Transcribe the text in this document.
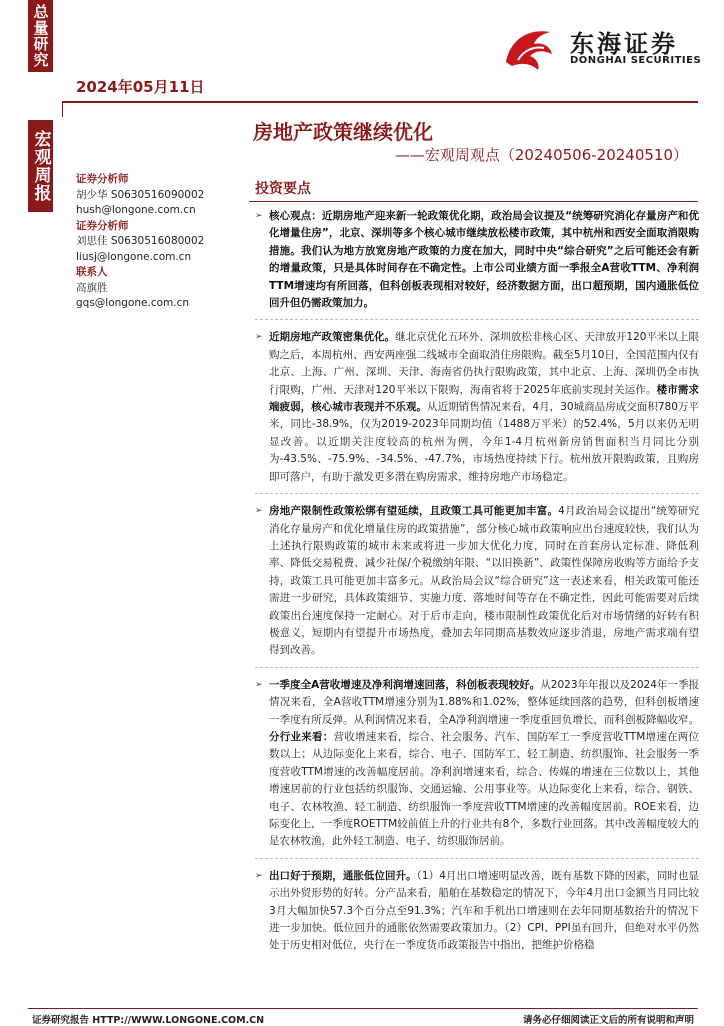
总量研究
宏观周报
2024年05月11日
东海证券
DONGHAI SECURITIES
房地产政策继续优化
——宏观周观点（20240506-20240510）
证券分析师
胡少华 S0630516090002
hush@longone.com.cn
证券分析师
刘思佳 S0630516080002
liusj@longone.com.cn
联系人
高旗胜
gqs@longone.com.cn
投资要点
➢ 核心观点：近期房地产迎来新一轮政策优化期，政治局会议提及“统筹研究消化存量房产和优化增量住房”，北京、深圳等多个核心城市继续放松楼市政策，其中杭州和西安全面取消限购措施。我们认为地方放宽房地产政策的力度在加大，同时中央“综合研究”之后可能还会有新的增量政策，只是具体时间存在不确定性。上市公司业绩方面一季报全A营收TTM、净利润TTM增速均有所回落，但科创板表现相对较好，经济数据方面，出口超预期，国内通胀低位回升但仍需政策加力。
➢ 近期房地产政策密集优化。继北京优化五环外、深圳放松非核心区、天津放开120平米以上限购之后，本周杭州、西安两座强二线城市全面取消住房限购。截至5月10日，全国范围内仅有北京、上海、广州、深圳、天津、海南省仍执行限购政策，其中北京、上海、深圳仍全市执行限购，广州、天津对120平米以下限购，海南省将于2025年底前实现封关运作。楼市需求端疲弱，核心城市表现并不乐观。从近期销售情况来看，4月，30城商品房成交面积780万平米，同比-38.9%，仅为2019-2023年同期均值（1488万平米）的52.4%，5月以来仍无明显改善。以近期关注度较高的杭州为例，今年1-4月杭州新房销售面积当月同比分别为-43.5%、-75.9%、-34.5%、-47.7%，市场热度持续下行。杭州放开限购政策，且购房即可落户，有助于激发更多潜在购房需求，维持房地产市场稳定。
➢ 房地产限制性政策松绑有望延续，且政策工具可能更加丰富。4月政治局会议提出“统筹研究消化存量房产和优化增量住房的政策措施”，部分核心城市政策响应出台速度较快，我们认为上述执行限购政策的城市未来或将进一步加大优化力度，同时在首套房认定标准、降低利率、降低交易税费、减少社保/个税缴纳年限、“以旧换新”、政策性保障房收购等方面给予支持，政策工具可能更加丰富多元。从政治局会议“综合研究”这一表述来看，相关政策可能还需进一步研究，具体政策细节、实施力度、落地时间等存在不确定性，因此可能需要对后续政策出台速度保持一定耐心。对于后市走向，楼市限制性政策优化后对市场情绪的好转有积极意义，短期内有望提升市场热度，叠加去年同期高基数效应逐步消退，房地产需求端有望得到改善。
➢ 一季度全A营收增速及净利润增速回落，科创板表现较好。从2023年年报以及2024年一季报情况来看，全A营收TTM增速分别为1.88%和1.02%，整体延续回落的趋势，但科创板增速一季度有所反弹。从利润情况来看，全A净利润增速一季度重回负增长，而科创板降幅收窄。分行业来看：营收增速来看，综合、社会服务、汽车、国防军工一季度营收TTM增速在两位数以上；从边际变化上来看，综合、电子、国防军工、轻工制造、纺织服饰、社会服务一季度营收TTM增速的改善幅度居前。净利润增速来看，综合、传媒的增速在三位数以上，其他增速居前的行业包括纺织服饰、交通运输、公用事业等。从边际变化上来看，综合、钢铁、电子、农林牧渔、轻工制造、纺织服饰一季度营收TTM增速的改善幅度居前。ROE来看，边际变化上，一季度ROETTM较前值上升的行业共有8个，多数行业回落。其中改善幅度较大的是农林牧渔，此外轻工制造、电子、纺织服饰居前。
➢ 出口好于预期，通胀低位回升。（1）4月出口增速明显改善，既有基数下降的因素，同时也显示出外贸形势的好转。分产品来看，船舶在基数稳定的情况下，今年4月出口金额当月同比较3月大幅加快57.3个百分点至91.3%；汽车和手机出口增速则在去年同期基数抬升的情况下进一步加快。低位回升的通胀依然需要政策加力。（2）CPI、PPI虽有回升，但绝对水平仍然处于历史相对低位，央行在一季度货币政策报告中指出，把维护价格稳
证券研究报告 HTTP://WWW.LONGONE.COM.CN	请务必仔细阅读正文后的所有说明和声明
